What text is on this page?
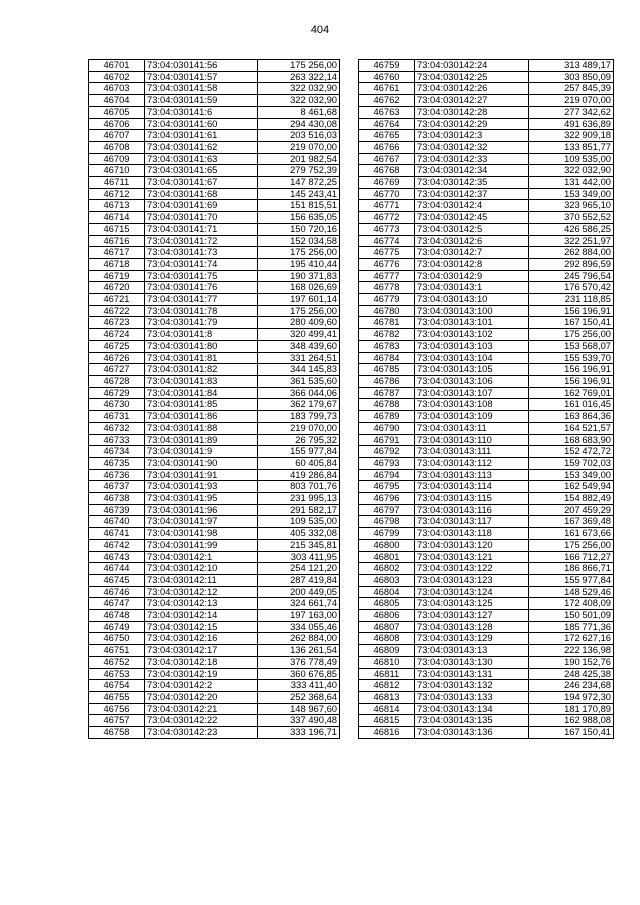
404
46701	73:04:030141:56	175 256,00
46702	73:04:030141:57	263 322,14
46703	73:04:030141:58	322 032,90
46704	73:04:030141:59	322 032,90
46705	73:04:030141:6	8 461,68
46706	73:04:030141:60	294 430,08
46707	73:04:030141:61	203 516,03
46708	73:04:030141:62	219 070,00
46709	73:04:030141:63	201 982,54
46710	73:04:030141:65	279 752,39
46711	73:04:030141:67	147 872,25
46712	73:04:030141:68	145 243,41
46713	73:04:030141:69	151 815,51
46714	73:04:030141:70	156 635,05
46715	73:04:030141:71	150 720,16
46716	73:04:030141:72	152 034,58
46717	73:04:030141:73	175 256,00
46718	73:04:030141:74	195 410,44
46719	73:04:030141:75	190 371,83
46720	73:04:030141:76	168 026,69
46721	73:04:030141:77	197 601,14
46722	73:04:030141:78	175 256,00
46723	73:04:030141:79	280 409,60
46724	73:04:030141:8	320 499,41
46725	73:04:030141:80	348 439,60
46726	73:04:030141:81	331 264,51
46727	73:04:030141:82	344 145,83
46728	73:04:030141:83	361 535,60
46729	73:04:030141:84	366 044,06
46730	73:04:030141:85	362 179,67
46731	73:04:030141:86	183 799,73
46732	73:04:030141:88	219 070,00
46733	73:04:030141:89	26 795,32
46734	73:04:030141:9	155 977,84
46735	73:04:030141:90	60 405,84
46736	73:04:030141:91	419 286,84
46737	73:04:030141:93	803 701,76
46738	73:04:030141:95	231 995,13
46739	73:04:030141:96	291 582,17
46740	73:04:030141:97	109 535,00
46741	73:04:030141:98	405 332,08
46742	73:04:030141:99	215 345,81
46743	73:04:030142:1	303 411,95
46744	73:04:030142:10	254 121,20
46745	73:04:030142:11	287 419,84
46746	73:04:030142:12	200 449,05
46747	73:04:030142:13	324 661,74
46748	73:04:030142:14	197 163,00
46749	73:04:030142:15	334 055,46
46750	73:04:030142:16	262 884,00
46751	73:04:030142:17	136 261,54
46752	73:04:030142:18	376 778,49
46753	73:04:030142:19	360 676,85
46754	73:04:030142:2	333 411,40
46755	73:04:030142:20	252 368,64
46756	73:04:030142:21	148 967,60
46757	73:04:030142:22	337 490,48
46758	73:04:030142:23	333 196,71
46759	73:04:030142:24	313 489,17
46760	73:04:030142:25	303 850,09
46761	73:04:030142:26	257 845,39
46762	73:04:030142:27	219 070,00
46763	73:04:030142:28	277 342,62
46764	73:04:030142:29	491 636,89
46765	73:04:030142:3	322 909,18
46766	73:04:030142:32	133 851,77
46767	73:04:030142:33	109 535,00
46768	73:04:030142:34	322 032,90
46769	73:04:030142:35	131 442,00
46770	73:04:030142:37	153 349,00
46771	73:04:030142:4	323 965,10
46772	73:04:030142:45	370 552,52
46773	73:04:030142:5	426 586,25
46774	73:04:030142:6	322 251,97
46775	73:04:030142:7	262 884,00
46776	73:04:030142:8	292 896,59
46777	73:04:030142:9	245 796,54
46778	73:04:030143:1	176 570,42
46779	73:04:030143:10	231 118,85
46780	73:04:030143:100	156 196,91
46781	73:04:030143:101	167 150,41
46782	73:04:030143:102	175 256,00
46783	73:04:030143:103	153 568,07
46784	73:04:030143:104	155 539,70
46785	73:04:030143:105	156 196,91
46786	73:04:030143:106	156 196,91
46787	73:04:030143:107	162 769,01
46788	73:04:030143:108	161 016,45
46789	73:04:030143:109	163 864,36
46790	73:04:030143:11	164 521,57
46791	73:04:030143:110	168 683,90
46792	73:04:030143:111	152 472,72
46793	73:04:030143:112	159 702,03
46794	73:04:030143:113	153 349,00
46795	73:04:030143:114	162 549,94
46796	73:04:030143:115	154 882,49
46797	73:04:030143:116	207 459,29
46798	73:04:030143:117	167 369,48
46799	73:04:030143:118	161 673,66
46800	73:04:030143:120	175 256,00
46801	73:04:030143:121	166 712,27
46802	73:04:030143:122	186 866,71
46803	73:04:030143:123	155 977,84
46804	73:04:030143:124	148 529,46
46805	73:04:030143:125	172 408,09
46806	73:04:030143:127	150 501,09
46807	73:04:030143:128	185 771,36
46808	73:04:030143:129	172 627,16
46809	73:04:030143:13	222 136,98
46810	73:04:030143:130	190 152,76
46811	73:04:030143:131	248 425,38
46812	73:04:030143:132	246 234,68
46813	73:04:030143:133	194 972,30
46814	73:04:030143:134	181 170,89
46815	73:04:030143:135	162 988,08
46816	73:04:030143:136	167 150,41
